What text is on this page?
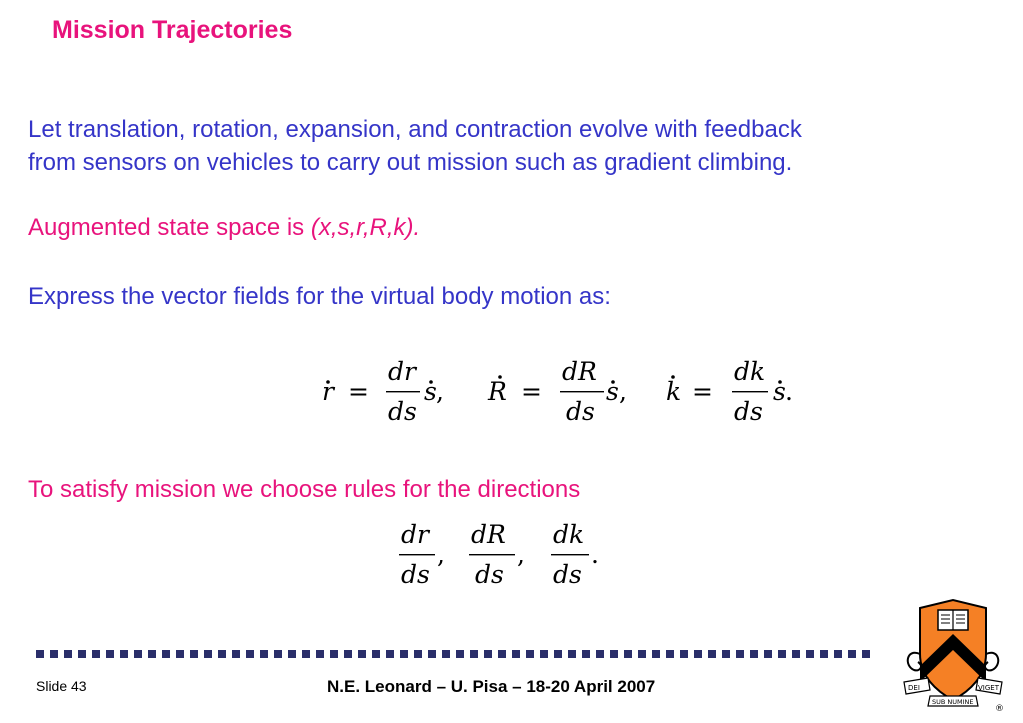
Mission Trajectories

Let translation, rotation, expansion, and contraction evolve with feedback
from sensors on vehicles to carry out mission such as gradient climbing.

Augmented state space is (x,s,r,R,k).

Express the vector fields for the virtual body motion as:

r =
dr
ds
s , R =
dR
ds
s , k =
dk
ds
s .

To satisfy mission we choose rules for the directions

dr
ds
,
dR
ds
,
dk
ds
.
Slide 43	N.E. Leonard – U. Pisa – 18-20 April 2007	DEI	VIGET
SUB NUMINE
®
